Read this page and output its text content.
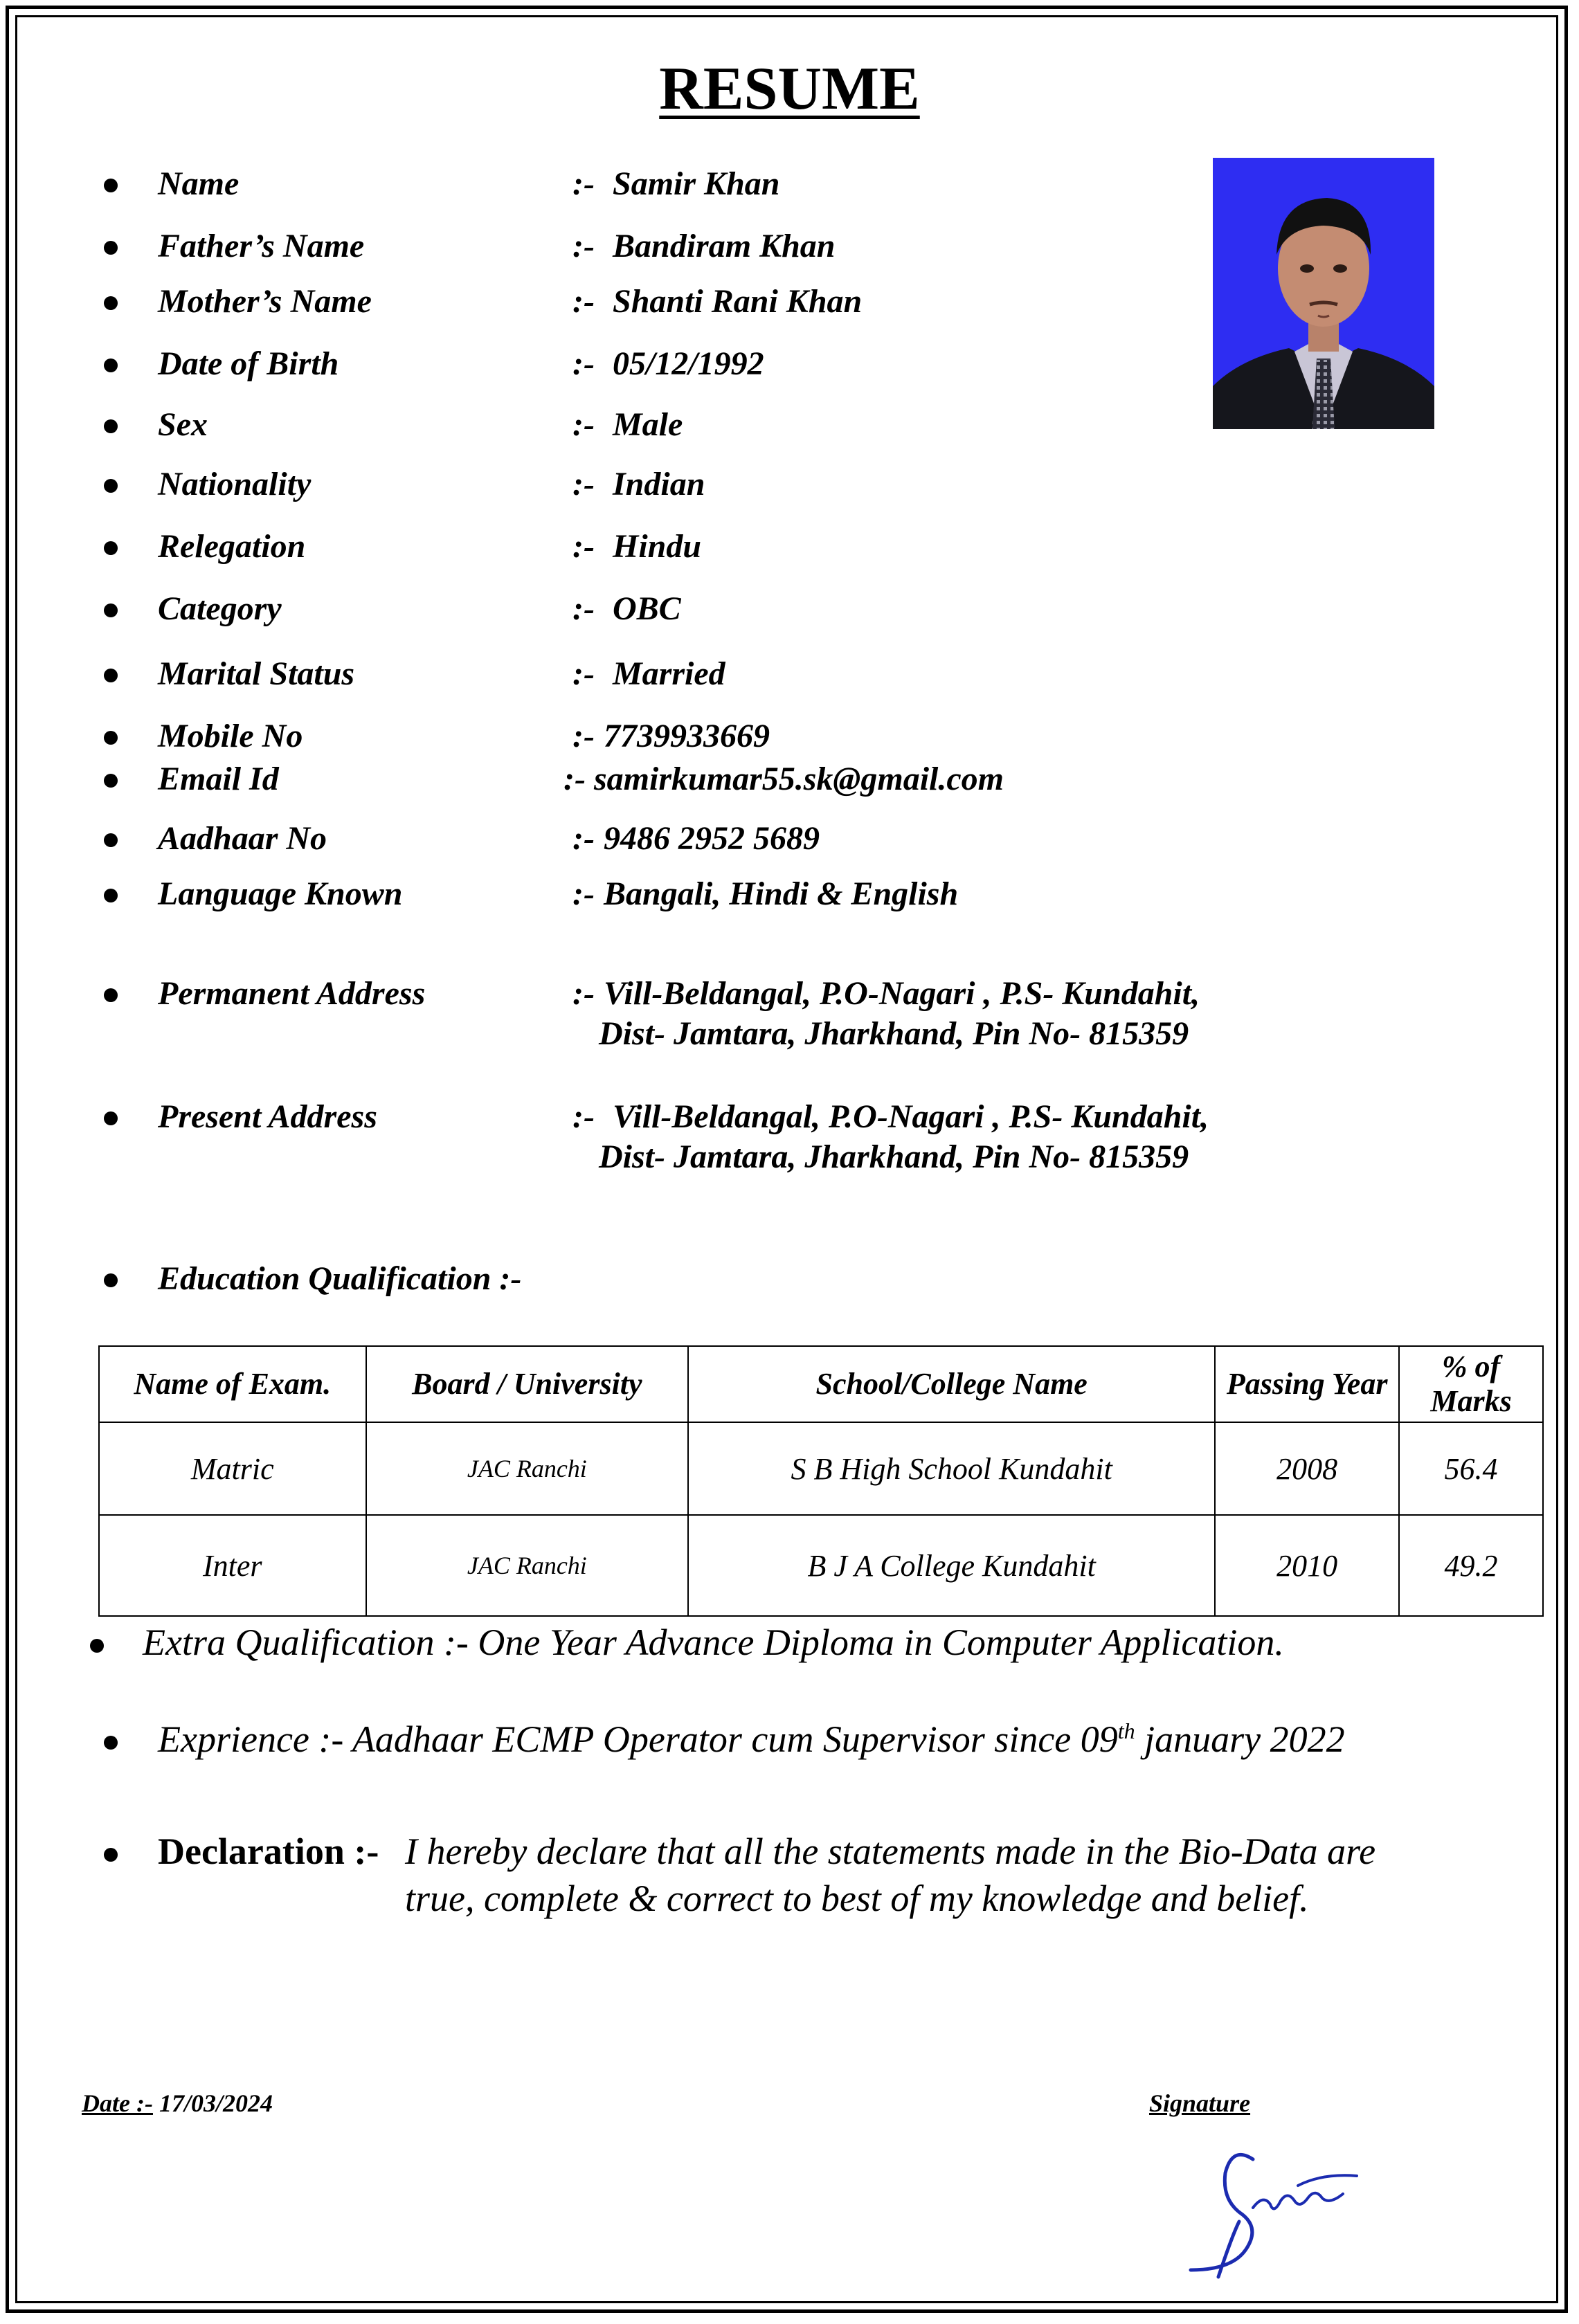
RESUME
Name	:- Samir Khan
Father’s Name	:- Bandiram Khan
Mother’s Name	:- Shanti Rani Khan
Date of Birth	:- 05/12/1992
Sex	:- Male
Nationality	:- Indian
Relegation	:- Hindu
Category	:- OBC
Marital Status	:- Married
Mobile No	:- 7739933669
Email Id	:- samirkumar55.sk@gmail.com
Aadhaar No	:- 9486 2952 5689
Language Known	:- Bangali, Hindi & English
Permanent Address	:- Vill-Beldangal, P.O-Nagari , P.S- Kundahit,
Dist- Jamtara, Jharkhand, Pin No- 815359
Present Address	:- Vill-Beldangal, P.O-Nagari , P.S- Kundahit,
Dist- Jamtara, Jharkhand, Pin No- 815359
Education Qualification :-
Name of Exam.	Board / University	School/College Name	Passing Year	% of Marks
Matric	JAC Ranchi	S B High School Kundahit	2008	56.4
Inter	JAC Ranchi	B J A College Kundahit	2010	49.2
Extra Qualification :- One Year Advance Diploma in Computer Application.
Exprience :- Aadhaar ECMP Operator cum Supervisor since 09th january 2022
Declaration :- I hereby declare that all the statements made in the Bio-Data are
true, complete & correct to best of my knowledge and belief.
Date :- 17/03/2024	Signature
